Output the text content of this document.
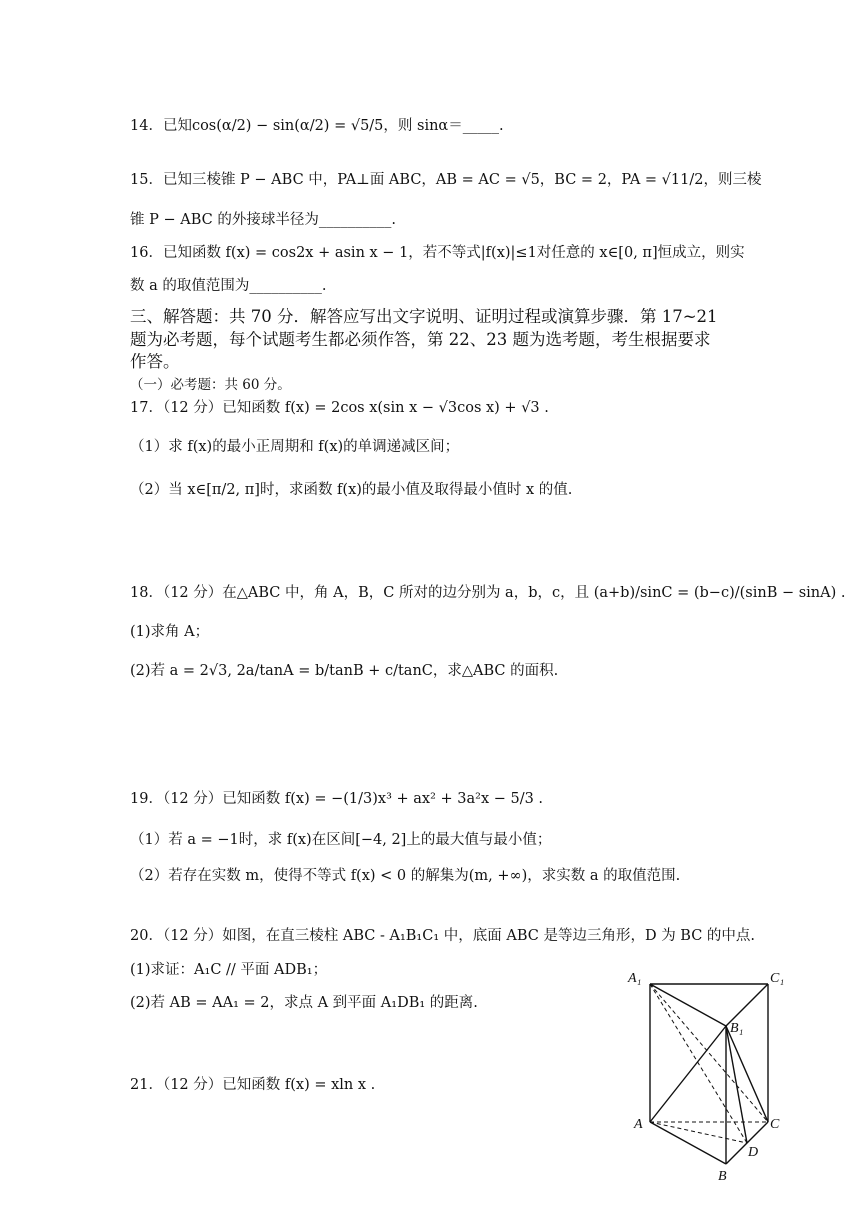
14．已知cos(α/2) − sin(α/2) = √5/5，则 sinα＝_____.
15．已知三棱锥 P − ABC 中，PA⊥面 ABC，AB = AC = √5，BC = 2，PA = √11/2，则三棱
锥 P − ABC 的外接球半径为__________.
16．已知函数 f(x) = cos2x + asin x − 1，若不等式|f(x)|≤1对任意的 x∈[0, π]恒成立，则实
数 a 的取值范围为__________.
三、解答题：共 70 分．解答应写出文字说明、证明过程或演算步骤．第 17~21
题为必考题，每个试题考生都必须作答，第 22、23 题为选考题，考生根据要求
作答。
（一）必考题：共 60 分。
17．（12 分）已知函数 f(x) = 2cos x(sin x − √3cos x) + √3 .
（1）求 f(x)的最小正周期和 f(x)的单调递减区间；
（2）当 x∈[π/2, π]时，求函数 f(x)的最小值及取得最小值时 x 的值.
18．（12 分）在△ABC 中，角 A，B，C 所对的边分别为 a，b，c，且 (a+b)/sinC = (b−c)/(sinB − sinA) .
(1)求角 A；
(2)若 a = 2√3, 2a/tanA = b/tanB + c/tanC，求△ABC 的面积.
19．（12 分）已知函数 f(x) = −(1/3)x³ + ax² + 3a²x − 5/3 .
（1）若 a = −1时，求 f(x)在区间[−4, 2]上的最大值与最小值；
（2）若存在实数 m，使得不等式 f(x) < 0 的解集为(m, +∞)，求实数 a 的取值范围.
20．（12 分）如图，在直三棱柱 ABC - A₁B₁C₁ 中，底面 ABC 是等边三角形，D 为 BC 的中点.
(1)求证：A₁C // 平面 ADB₁；
(2)若 AB = AA₁ = 2，求点 A 到平面 A₁DB₁ 的距离.
21．（12 分）已知函数 f(x) = xln x .
A₁	C₁
B₁
A	C
D
B
